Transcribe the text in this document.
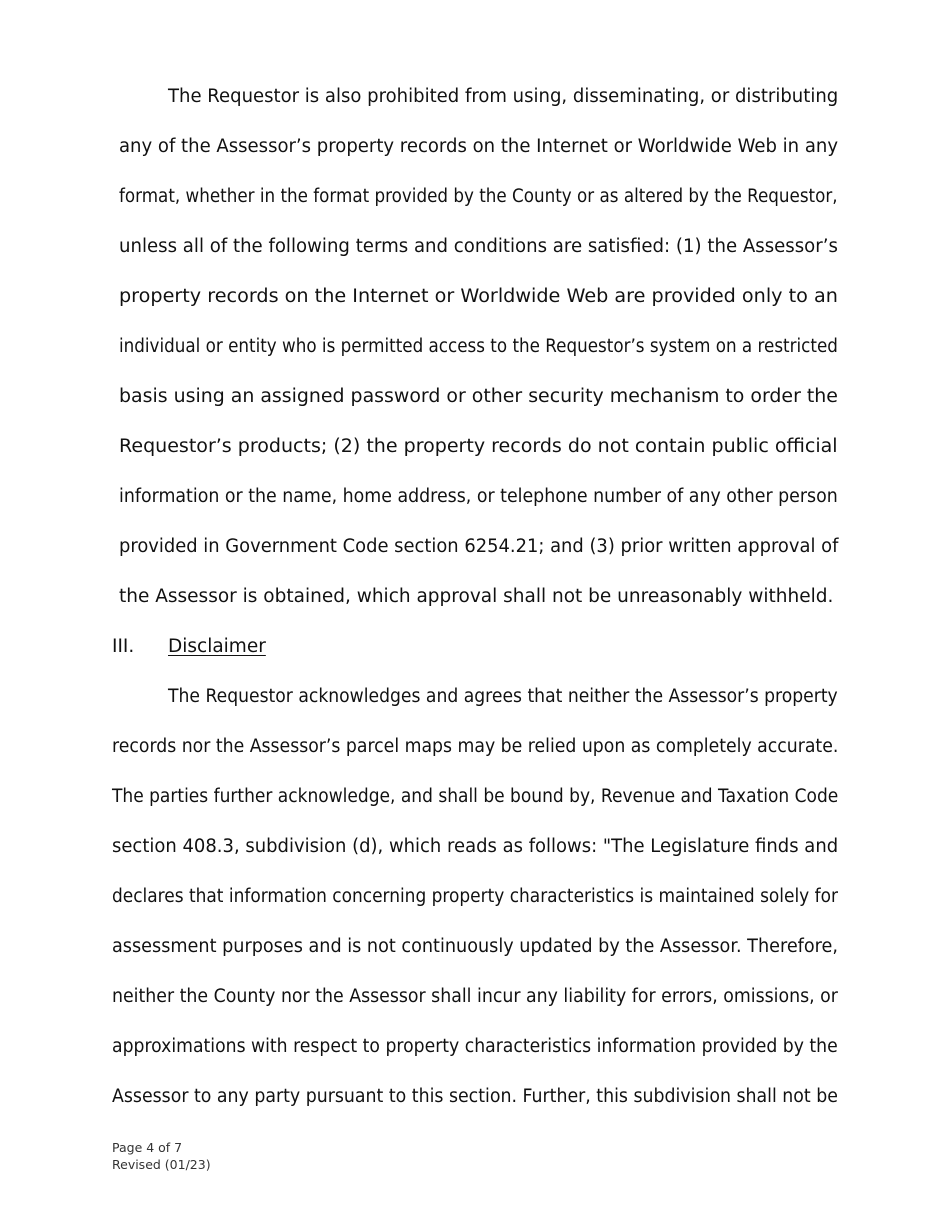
The Requestor is also prohibited from using, disseminating, or distributing
any of the Assessor’s property records on the Internet or Worldwide Web in any
format, whether in the format provided by the County or as altered by the Requestor,
unless all of the following terms and conditions are satisfied: (1) the Assessor’s
property records on the Internet or Worldwide Web are provided only to an
individual or entity who is permitted access to the Requestor’s system on a restricted
basis using an assigned password or other security mechanism to order the
Requestor’s products; (2) the property records do not contain public official
information or the name, home address, or telephone number of any other person
provided in Government Code section 6254.21; and (3) prior written approval of
the Assessor is obtained, which approval shall not be unreasonably withheld.
III. Disclaimer
The Requestor acknowledges and agrees that neither the Assessor’s property
records nor the Assessor’s parcel maps may be relied upon as completely accurate.
The parties further acknowledge, and shall be bound by, Revenue and Taxation Code
section 408.3, subdivision (d), which reads as follows: "The Legislature finds and
declares that information concerning property characteristics is maintained solely for
assessment purposes and is not continuously updated by the Assessor. Therefore,
neither the County nor the Assessor shall incur any liability for errors, omissions, or
approximations with respect to property characteristics information provided by the
Assessor to any party pursuant to this section. Further, this subdivision shall not be
Page 4 of 7
Revised (01/23)
